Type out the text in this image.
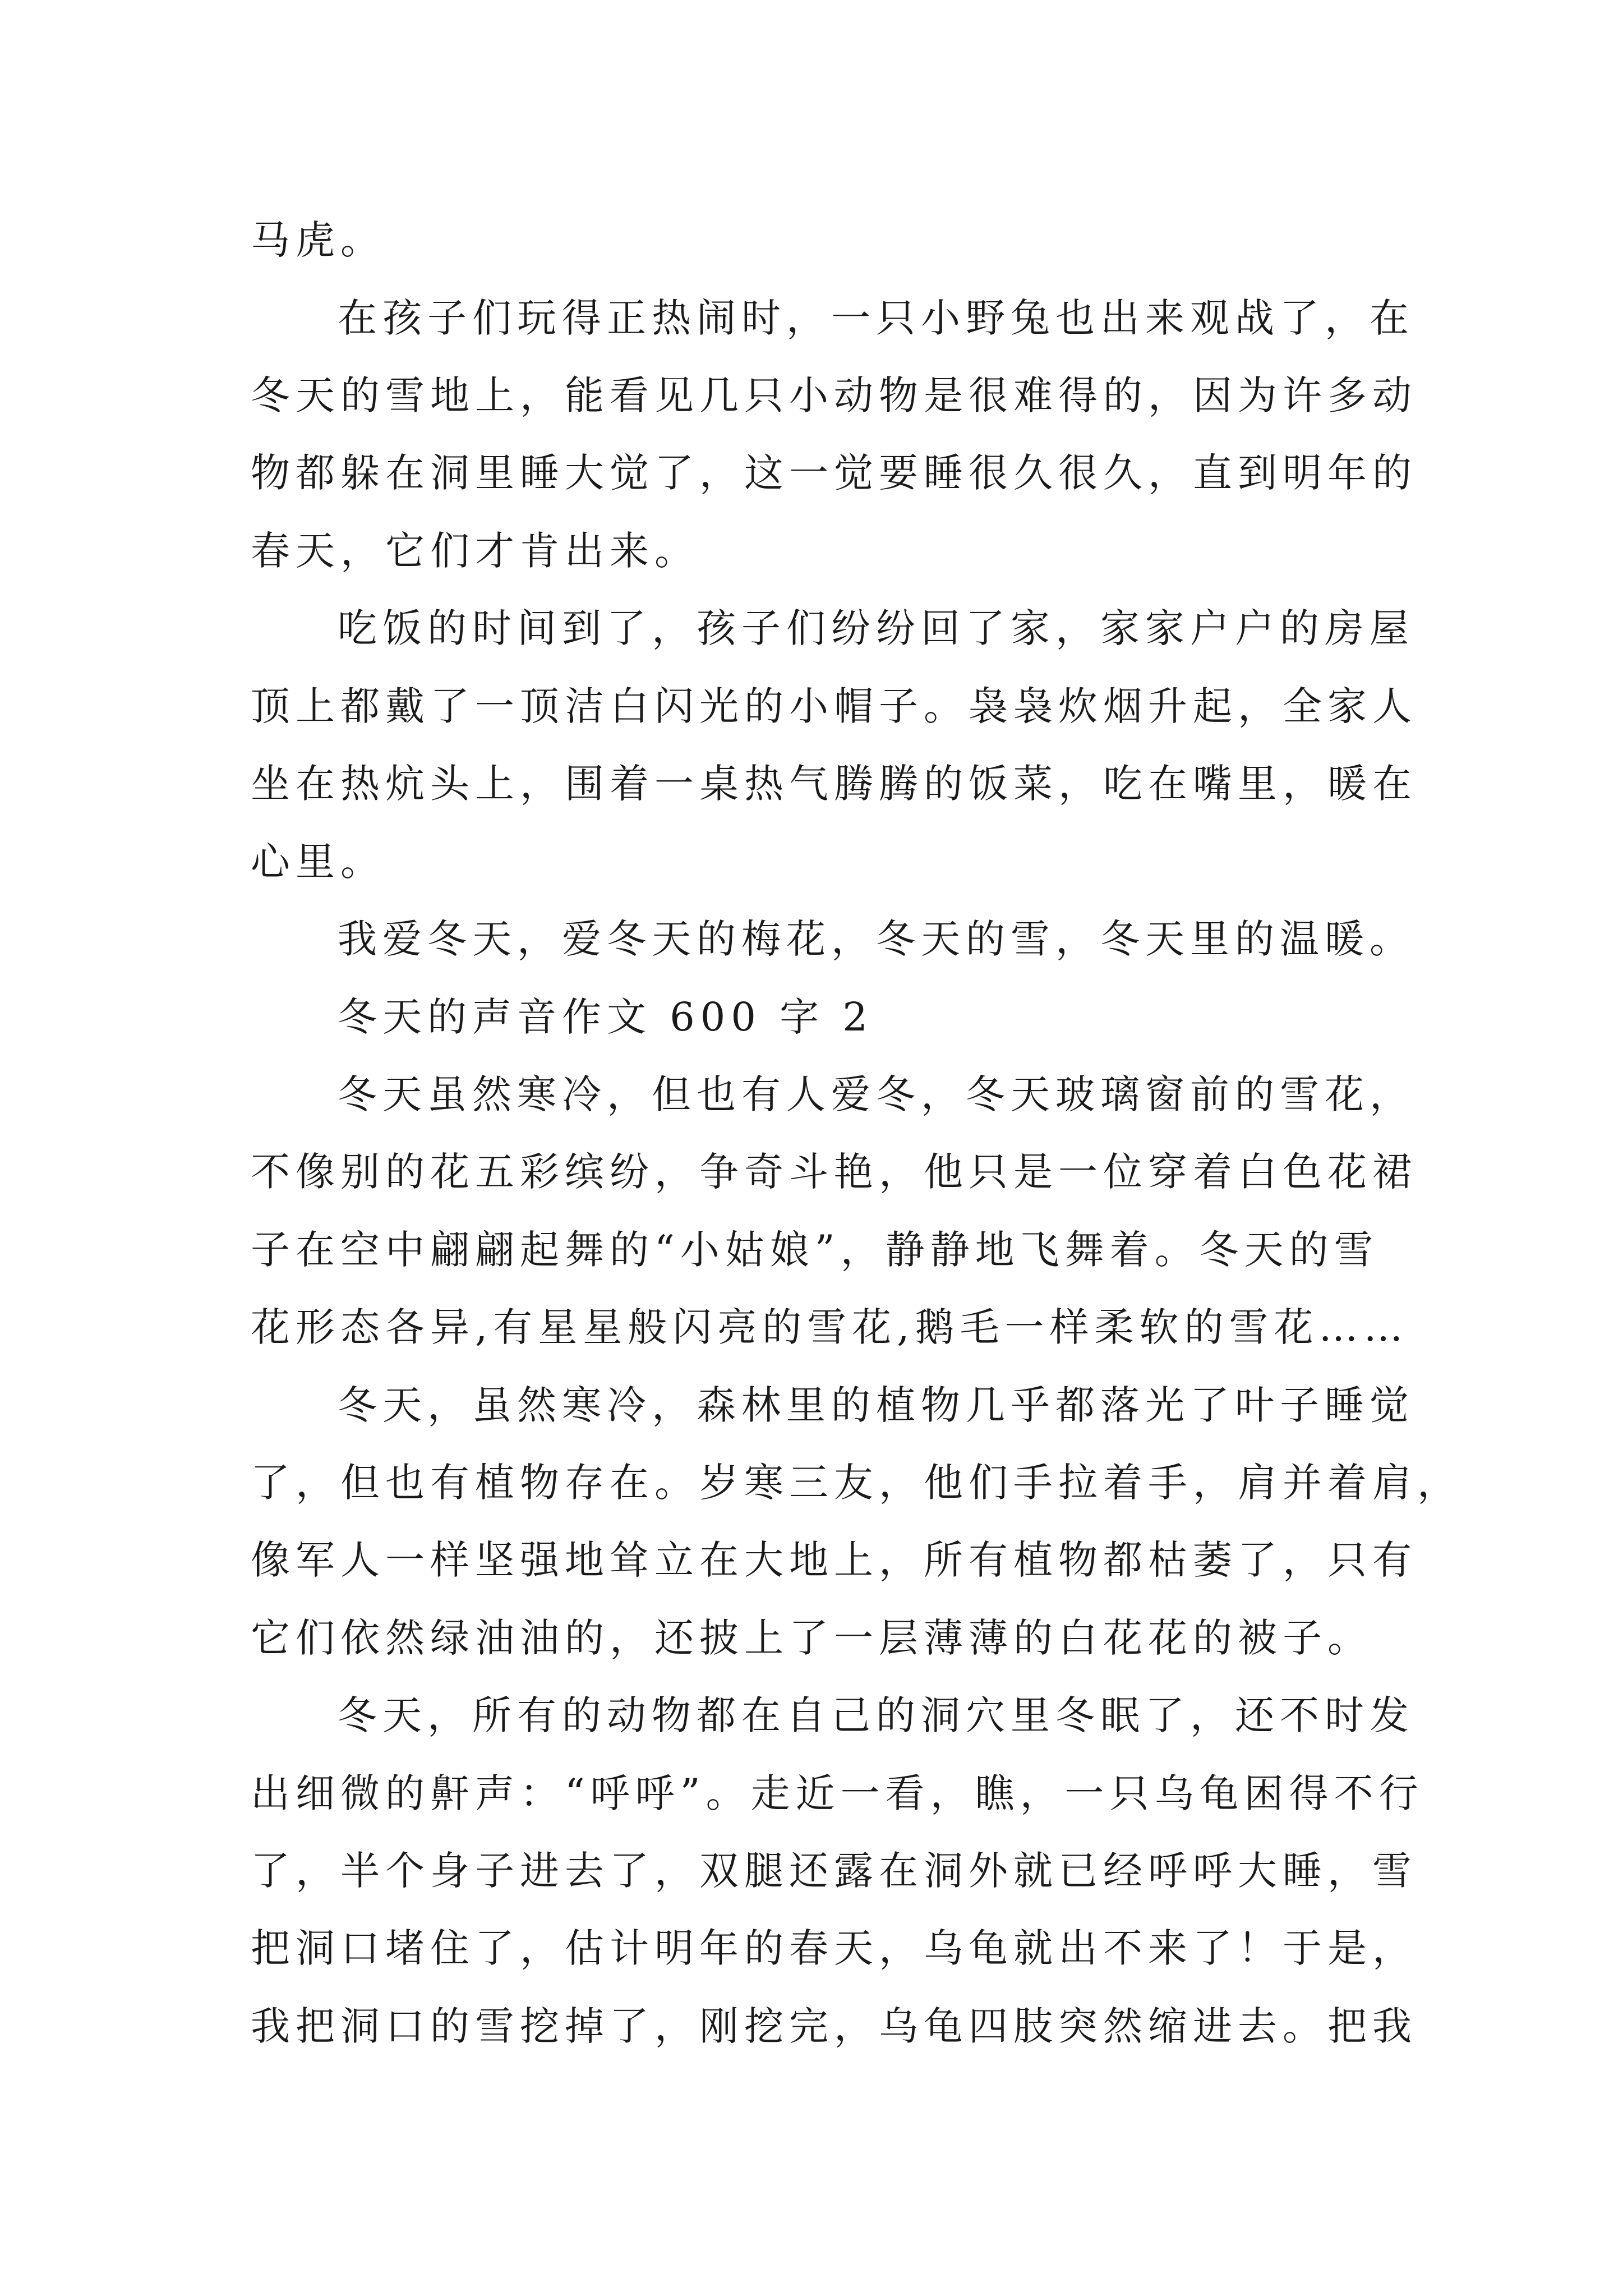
马虎。
在孩子们玩得正热闹时，一只小野兔也出来观战了，在
冬天的雪地上，能看见几只小动物是很难得的，因为许多动
物都躲在洞里睡大觉了，这一觉要睡很久很久，直到明年的
春天，它们才肯出来。
吃饭的时间到了，孩子们纷纷回了家，家家户户的房屋
顶上都戴了一顶洁白闪光的小帽子。袅袅炊烟升起，全家人
坐在热炕头上，围着一桌热气腾腾的饭菜，吃在嘴里，暖在
心里。
我爱冬天，爱冬天的梅花，冬天的雪，冬天里的温暖。
冬天的声音作文 600 字 2
冬天虽然寒冷，但也有人爱冬，冬天玻璃窗前的雪花，
不像别的花五彩缤纷，争奇斗艳，他只是一位穿着白色花裙
子在空中翩翩起舞的“小姑娘”，静静地飞舞着。冬天的雪
花形态各异,有星星般闪亮的雪花,鹅毛一样柔软的雪花……
冬天，虽然寒冷，森林里的植物几乎都落光了叶子睡觉
了，但也有植物存在。岁寒三友，他们手拉着手，肩并着肩，
像军人一样坚强地耸立在大地上，所有植物都枯萎了，只有
它们依然绿油油的，还披上了一层薄薄的白花花的被子。
冬天，所有的动物都在自己的洞穴里冬眠了，还不时发
出细微的鼾声：“呼呼”。走近一看，瞧，一只乌龟困得不行
了，半个身子进去了，双腿还露在洞外就已经呼呼大睡，雪
把洞口堵住了，估计明年的春天，乌龟就出不来了！于是，
我把洞口的雪挖掉了，刚挖完，乌龟四肢突然缩进去。把我
